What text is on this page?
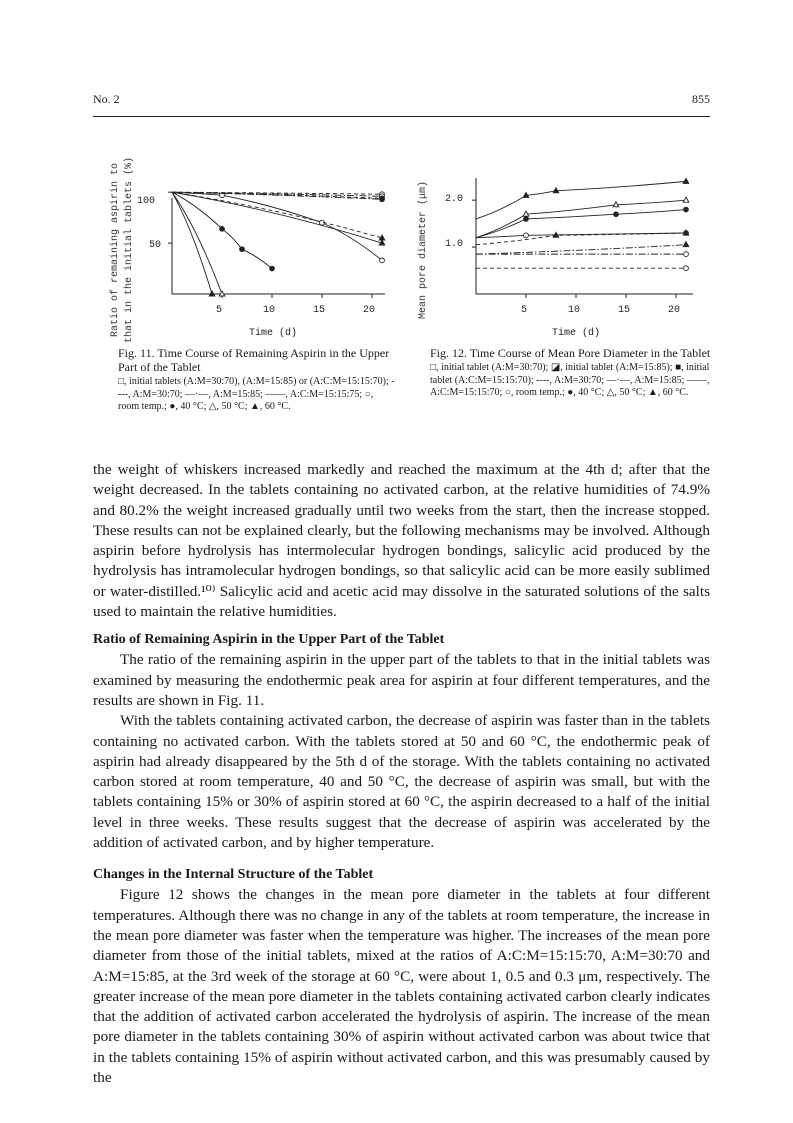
No. 2	855
Ratio of remaining aspirin to that in the initial tablets (%) 100
50
5	10	15	20
Time (d)
Mean pore diameter (μm) 2.0
1.0
5	10	15	20
Time (d)
Fig. 11. Time Course of Remaining Aspirin in the Upper Part of the Tablet
□, initial tablets (A:M=30:70), (A:M=15:85) or (A:C:M=15:15:70); ----, A:M=30:70; —·—, A:M=15:85; ——, A:C:M=15:15:75; ○, room temp.; ●, 40 °C; △, 50 °C; ▲, 60 °C.
Fig. 12. Time Course of Mean Pore Diameter in the Tablet
□, initial tablet (A:M=30:70); ◪, initial tablet (A:M=15:85); ■, initial tablet (A:C:M=15:15:70); ----, A:M=30:70; —·—, A:M=15:85; ——, A:C:M=15:15:70; ○, room temp.; ●, 40 °C; △, 50 °C; ▲, 60 °C.

the weight of whiskers increased markedly and reached the maximum at the 4th d; after that the weight decreased. In the tablets containing no activated carbon, at the relative humidities of 74.9% and 80.2% the weight increased gradually until two weeks from the start, then the increase stopped. These results can not be explained clearly, but the following mechanisms may be involved. Although aspirin before hydrolysis has intermolecular hydrogen bondings, salicylic acid produced by the hydrolysis has intramolecular hydrogen bondings, so that salicylic acid can be more easily sublimed or water-distilled.¹⁰⁾ Salicylic acid and acetic acid may dissolve in the saturated solutions of the salts used to maintain the relative humidities.

Ratio of Remaining Aspirin in the Upper Part of the Tablet

The ratio of the remaining aspirin in the upper part of the tablets to that in the initial tablets was examined by measuring the endothermic peak area for aspirin at four different temperatures, and the results are shown in Fig. 11.

With the tablets containing activated carbon, the decrease of aspirin was faster than in the tablets containing no activated carbon. With the tablets stored at 50 and 60 °C, the endothermic peak of aspirin had already disappeared by the 5th d of the storage. With the tablets containing no activated carbon stored at room temperature, 40 and 50 °C, the decrease of aspirin was small, but with the tablets containing 15% or 30% of aspirin stored at 60 °C, the aspirin decreased to a half of the initial level in three weeks. These results suggest that the decrease of aspirin was accelerated by the addition of activated carbon, and by higher temperature.

Changes in the Internal Structure of the Tablet

Figure 12 shows the changes in the mean pore diameter in the tablets at four different temperatures. Although there was no change in any of the tablets at room temperature, the increase in the mean pore diameter was faster when the temperature was higher. The increases of the mean pore diameter from those of the initial tablets, mixed at the ratios of A:C:M=15:15:70, A:M=30:70 and A:M=15:85, at the 3rd week of the storage at 60 °C, were about 1, 0.5 and 0.3 μm, respectively. The greater increase of the mean pore diameter in the tablets containing activated carbon clearly indicates that the addition of activated carbon accelerated the hydrolysis of aspirin. The increase of the mean pore diameter in the tablets containing 30% of aspirin without activated carbon was about twice that in the tablets containing 15% of aspirin without activated carbon, and this was presumably caused by the
